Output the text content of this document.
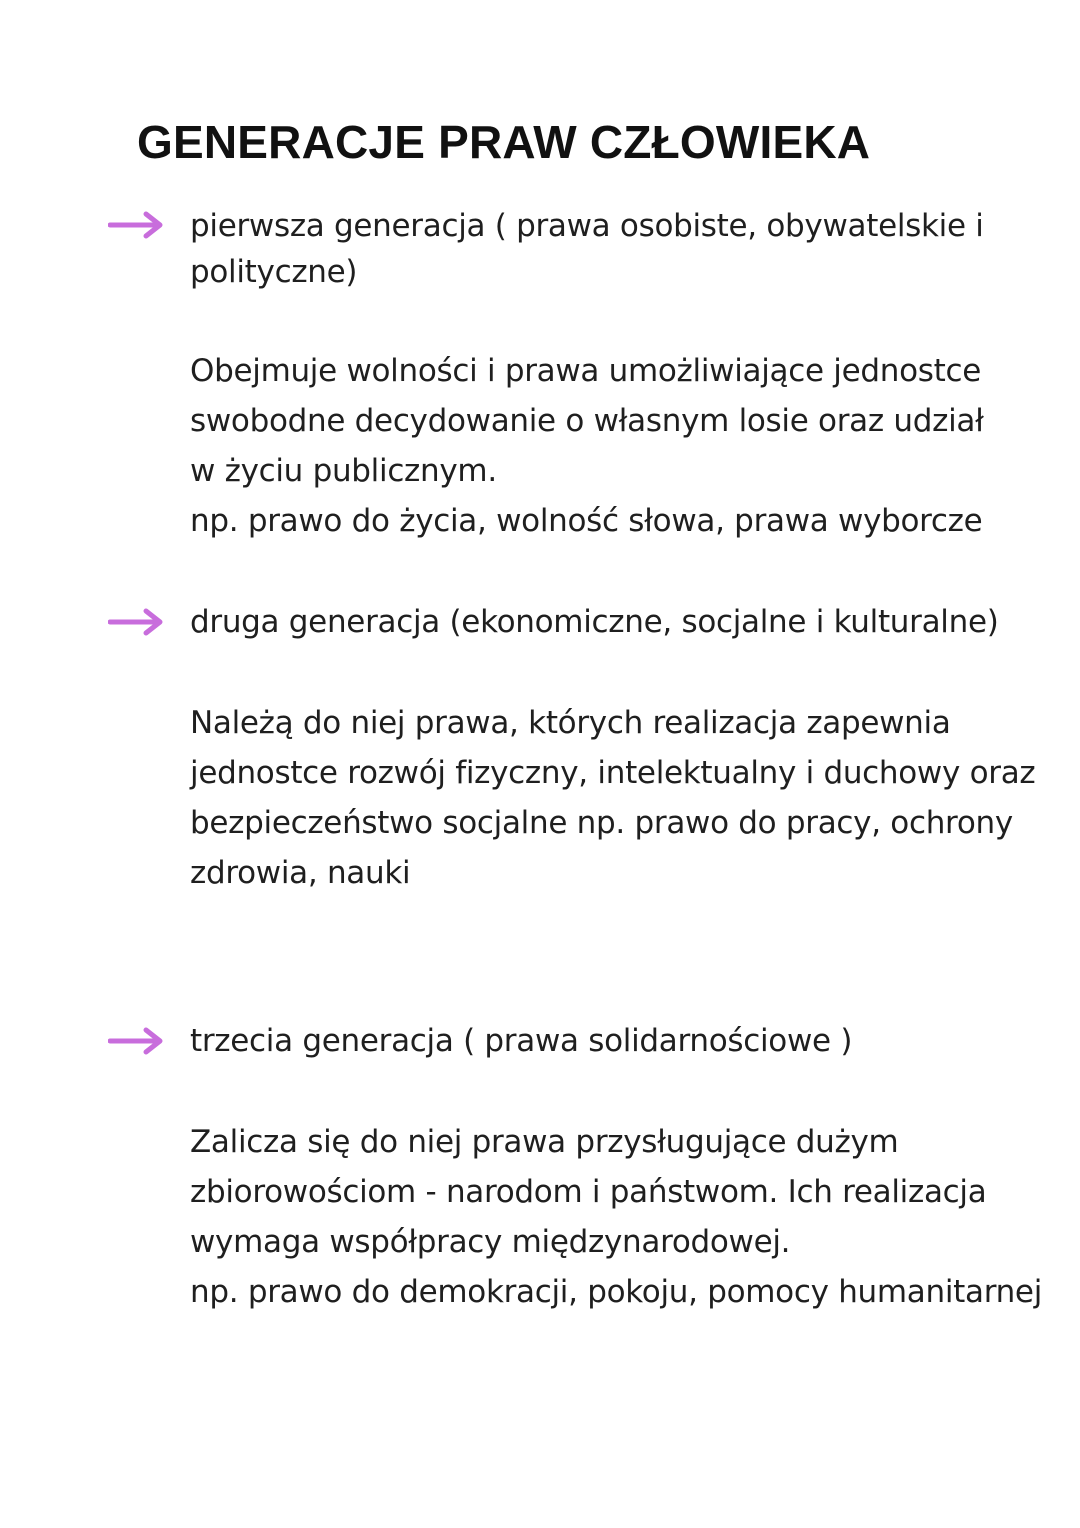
GENERACJE PRAW CZŁOWIEKA

pierwsza generacja ( prawa osobiste, obywatelskie i
polityczne)

Obejmuje wolności i prawa umożliwiające jednostce
swobodne decydowanie o własnym losie oraz udział
w życiu publicznym.
np. prawo do życia, wolność słowa, prawa wyborcze

druga generacja (ekonomiczne, socjalne i kulturalne)

Należą do niej prawa, których realizacja zapewnia
jednostce rozwój fizyczny, intelektualny i duchowy oraz
bezpieczeństwo socjalne np. prawo do pracy, ochrony
zdrowia, nauki

trzecia generacja ( prawa solidarnościowe )

Zalicza się do niej prawa przysługujące dużym
zbiorowościom - narodom i państwom. Ich realizacja
wymaga współpracy międzynarodowej.
np. prawo do demokracji, pokoju, pomocy humanitarnej
